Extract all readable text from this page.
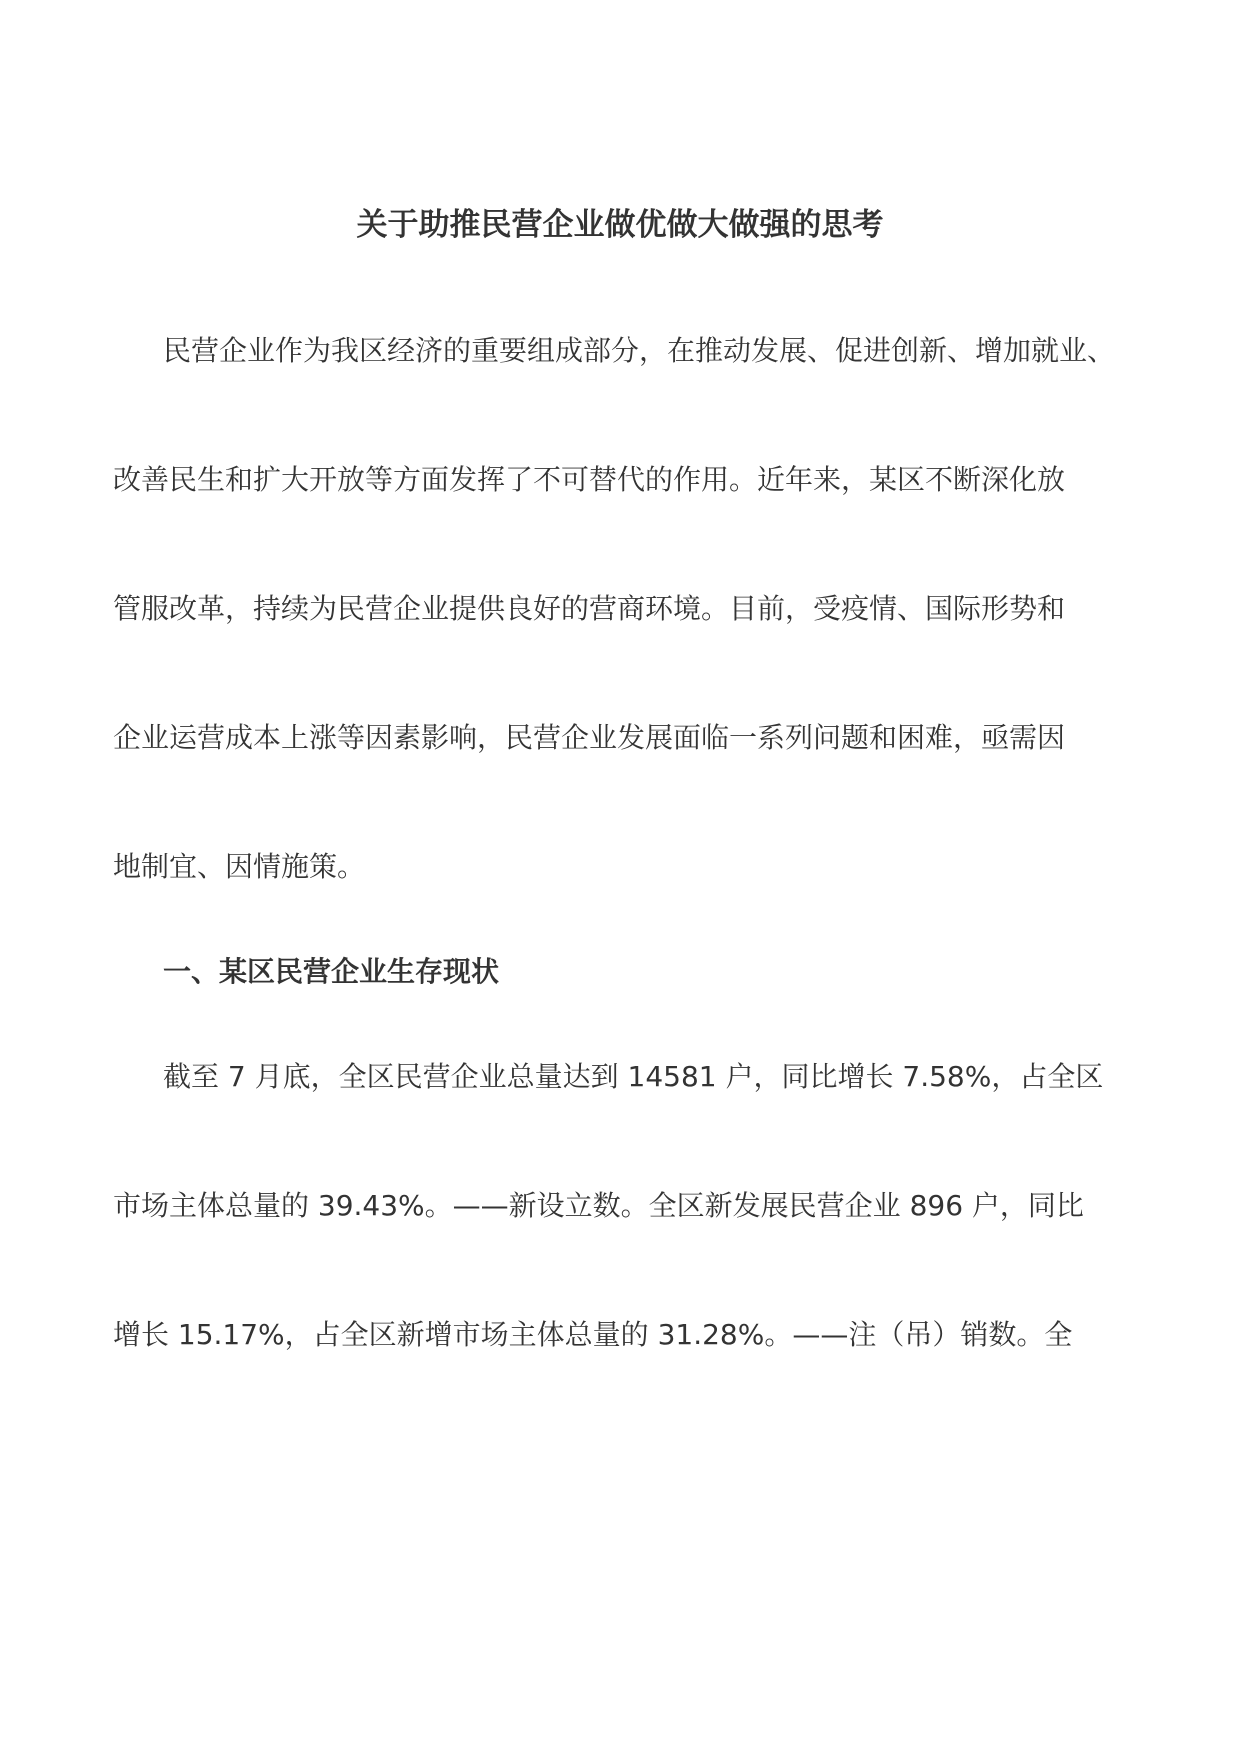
关于助推民营企业做优做大做强的思考

民营企业作为我区经济的重要组成部分，在推动发展、促进创新、增加就业、

改善民生和扩大开放等方面发挥了不可替代的作用。近年来，某区不断深化放

管服改革，持续为民营企业提供良好的营商环境。目前，受疫情、国际形势和

企业运营成本上涨等因素影响，民营企业发展面临一系列问题和困难，亟需因

地制宜、因情施策。

一、某区民营企业生存现状

截至 7 月底，全区民营企业总量达到 14581 户，同比增长 7.58%，占全区

市场主体总量的 39.43%。——新设立数。全区新发展民营企业 896 户，同比

增长 15.17%，占全区新增市场主体总量的 31.28%。——注（吊）销数。全
